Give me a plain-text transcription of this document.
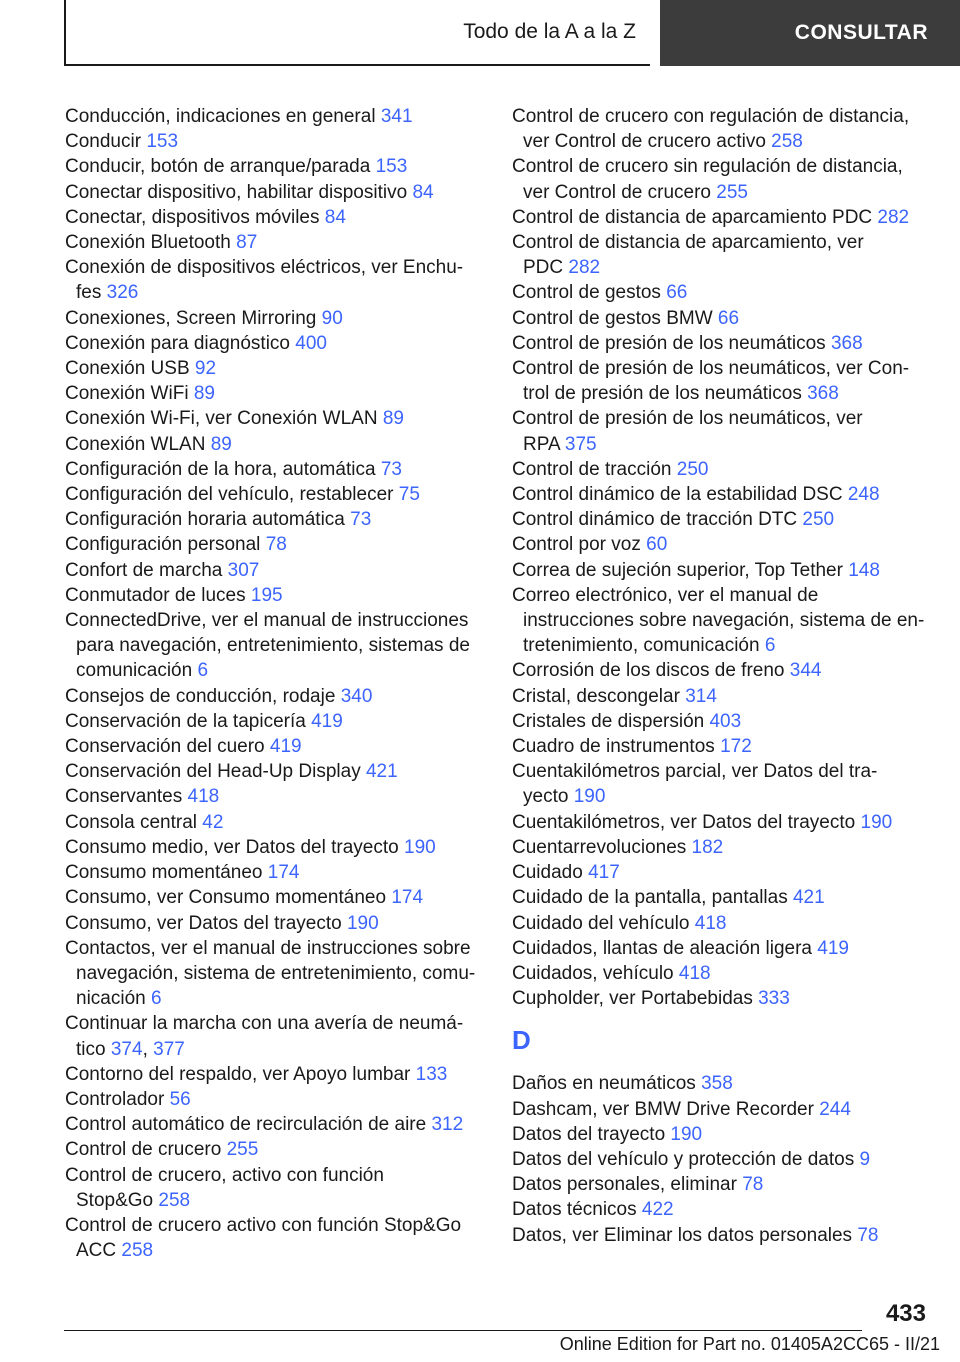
Todo de la A a la Z	CONSULTAR
Conducción, indicaciones en general 341
Conducir 153
Conducir, botón de arranque/parada 153
Conectar dispositivo, habilitar dispositivo 84
Conectar, dispositivos móviles 84
Conexión Bluetooth 87
Conexión de dispositivos eléctricos, ver Enchu-
fes 326
Conexiones, Screen Mirroring 90
Conexión para diagnóstico 400
Conexión USB 92
Conexión WiFi 89
Conexión Wi-Fi, ver Conexión WLAN 89
Conexión WLAN 89
Configuración de la hora, automática 73
Configuración del vehículo, restablecer 75
Configuración horaria automática 73
Configuración personal 78
Confort de marcha 307
Conmutador de luces 195
ConnectedDrive, ver el manual de instrucciones
para navegación, entretenimiento, sistemas de
comunicación 6
Consejos de conducción, rodaje 340
Conservación de la tapicería 419
Conservación del cuero 419
Conservación del Head-Up Display 421
Conservantes 418
Consola central 42
Consumo medio, ver Datos del trayecto 190
Consumo momentáneo 174
Consumo, ver Consumo momentáneo 174
Consumo, ver Datos del trayecto 190
Contactos, ver el manual de instrucciones sobre
navegación, sistema de entretenimiento, comu-
nicación 6
Continuar la marcha con una avería de neumá-
tico 374, 377
Contorno del respaldo, ver Apoyo lumbar 133
Controlador 56
Control automático de recirculación de aire 312
Control de crucero 255
Control de crucero, activo con función
Stop&Go 258
Control de crucero activo con función Stop&Go
ACC 258
Control de crucero con regulación de distancia,
ver Control de crucero activo 258
Control de crucero sin regulación de distancia,
ver Control de crucero 255
Control de distancia de aparcamiento PDC 282
Control de distancia de aparcamiento, ver
PDC 282
Control de gestos 66
Control de gestos BMW 66
Control de presión de los neumáticos 368
Control de presión de los neumáticos, ver Con-
trol de presión de los neumáticos 368
Control de presión de los neumáticos, ver
RPA 375
Control de tracción 250
Control dinámico de la estabilidad DSC 248
Control dinámico de tracción DTC 250
Control por voz 60
Correa de sujeción superior, Top Tether 148
Correo electrónico, ver el manual de
instrucciones sobre navegación, sistema de en-
tretenimiento, comunicación 6
Corrosión de los discos de freno 344
Cristal, descongelar 314
Cristales de dispersión 403
Cuadro de instrumentos 172
Cuentakilómetros parcial, ver Datos del tra-
yecto 190
Cuentakilómetros, ver Datos del trayecto 190
Cuentarrevoluciones 182
Cuidado 417
Cuidado de la pantalla, pantallas 421
Cuidado del vehículo 418
Cuidados, llantas de aleación ligera 419
Cuidados, vehículo 418
Cupholder, ver Portabebidas 333
D
Daños en neumáticos 358
Dashcam, ver BMW Drive Recorder 244
Datos del trayecto 190
Datos del vehículo y protección de datos 9
Datos personales, eliminar 78
Datos técnicos 422
Datos, ver Eliminar los datos personales 78
433
Online Edition for Part no. 01405A2CC65 - II/21
